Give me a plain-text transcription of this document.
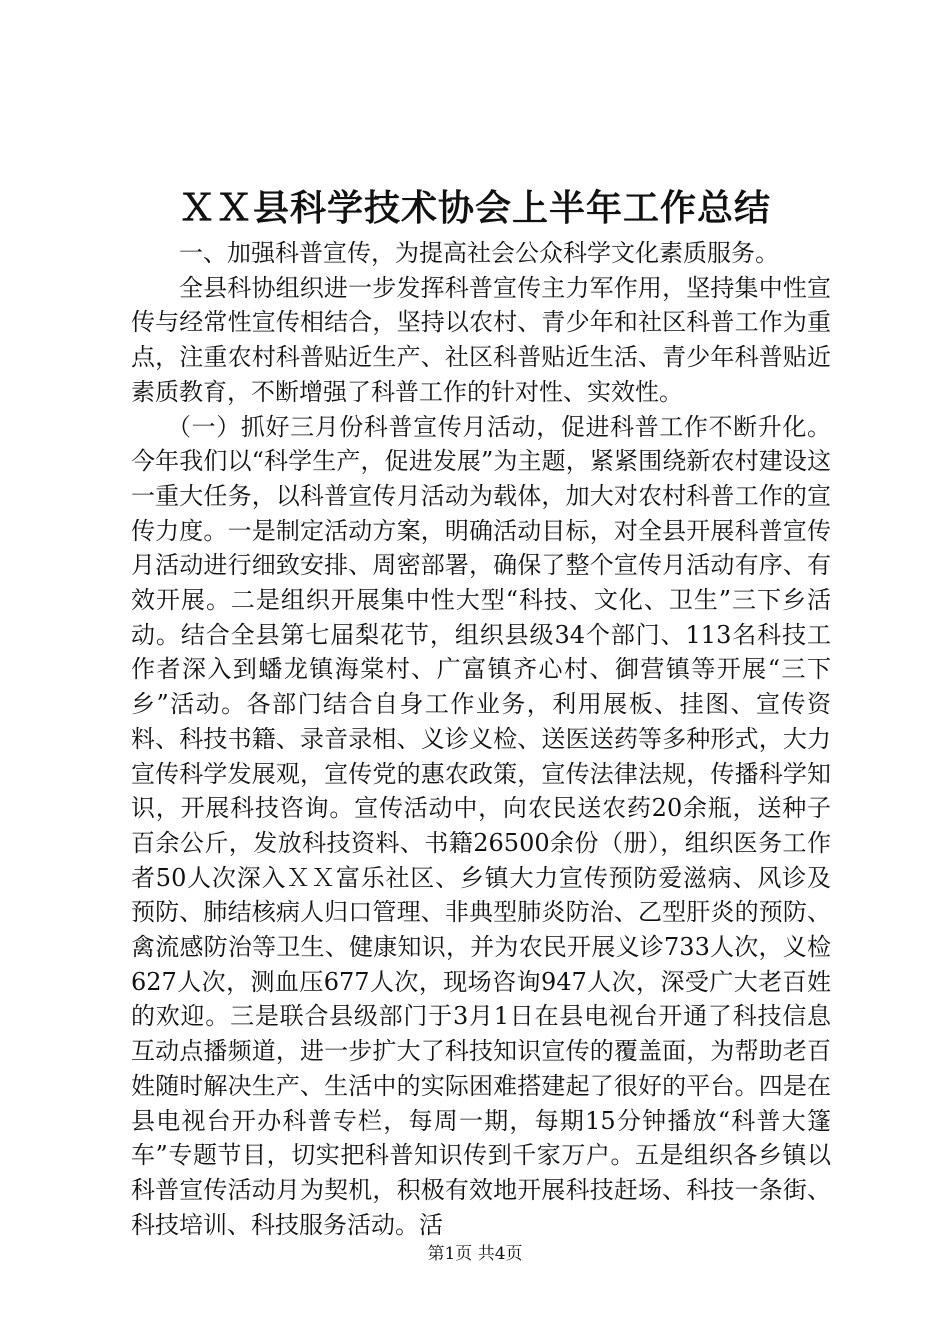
ＸＸ县科学技术协会上半年工作总结

一、加强科普宣传，为提高社会公众科学文化素质服务。

全县科协组织进一步发挥科普宣传主力军作用，坚持集中性宣传与经常性宣传相结合，坚持以农村、青少年和社区科普工作为重点，注重农村科普贴近生产、社区科普贴近生活、青少年科普贴近素质教育，不断增强了科普工作的针对性、实效性。

（一）抓好三月份科普宣传月活动，促进科普工作不断升化。今年我们以“科学生产，促进发展”为主题，紧紧围绕新农村建设这一重大任务，以科普宣传月活动为载体，加大对农村科普工作的宣传力度。一是制定活动方案，明确活动目标，对全县开展科普宣传月活动进行细致安排、周密部署，确保了整个宣传月活动有序、有效开展。二是组织开展集中性大型“科技、文化、卫生”三下乡活动。结合全县第七届梨花节，组织县级34个部门、113名科技工作者深入到蟠龙镇海棠村、广富镇齐心村、御营镇等开展“三下乡”活动。各部门结合自身工作业务，利用展板、挂图、宣传资料、科技书籍、录音录相、义诊义检、送医送药等多种形式，大力宣传科学发展观，宣传党的惠农政策，宣传法律法规，传播科学知识，开展科技咨询。宣传活动中，向农民送农药20余瓶，送种子百余公斤，发放科技资料、书籍26500余份（册），组织医务工作者50人次深入ＸＸ富乐社区、乡镇大力宣传预防爱滋病、风诊及预防、肺结核病人归口管理、非典型肺炎防治、乙型肝炎的预防、禽流感防治等卫生、健康知识，并为农民开展义诊733人次，义检627人次，测血压677人次，现场咨询947人次，深受广大老百姓的欢迎。三是联合县级部门于3月1日在县电视台开通了科技信息互动点播频道，进一步扩大了科技知识宣传的覆盖面，为帮助老百姓随时解决生产、生活中的实际困难搭建起了很好的平台。四是在县电视台开办科普专栏，每周一期，每期15分钟播放“科普大篷车”专题节目，切实把科普知识传到千家万户。五是组织各乡镇以科普宣传活动月为契机，积极有效地开展科技赶场、科技一条街、科技培训、科技服务活动。活

第1页 共4页
